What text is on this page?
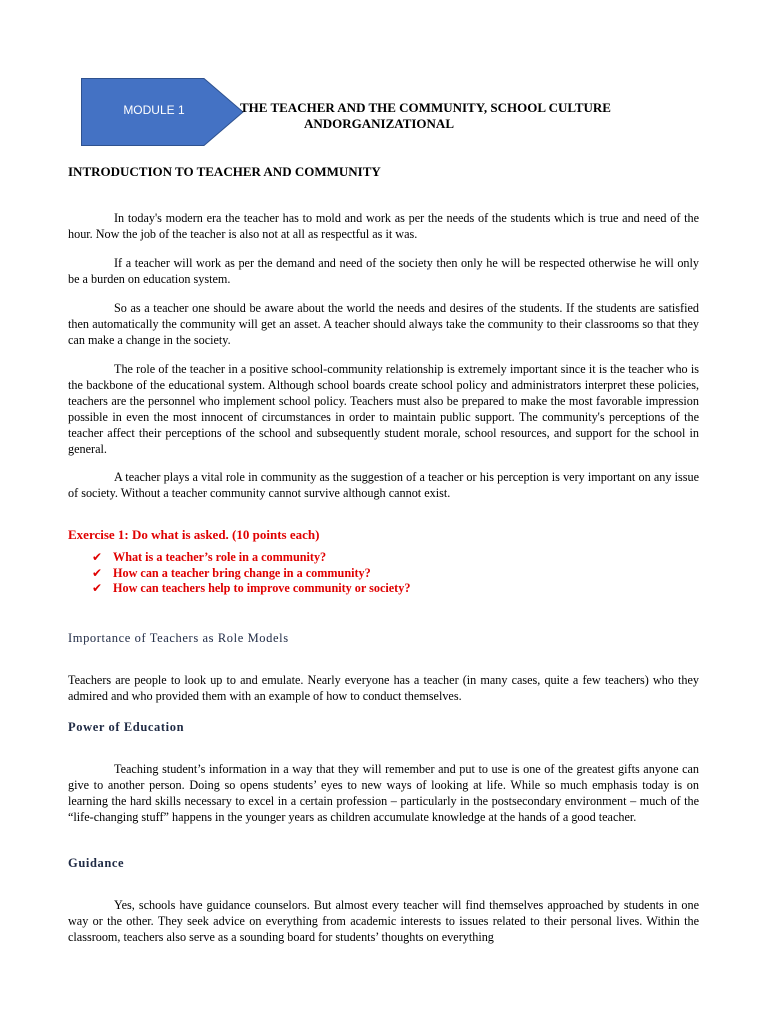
MODULE 1	THE TEACHER AND THE COMMUNITY, SCHOOL CULTURE
ANDORGANIZATIONAL
INTRODUCTION TO TEACHER AND COMMUNITY

In today's modern era the teacher has to mold and work as per the needs of the students which is true and need of the hour. Now the job of the teacher is also not at all as respectful as it was.

If a teacher will work as per the demand and need of the society then only he will be respected otherwise he will only be a burden on education system.

So as a teacher one should be aware about the world the needs and desires of the students. If the students are satisfied then automatically the community will get an asset. A teacher should always take the community to their classrooms so that they can make a change in the society.

The role of the teacher in a positive school-community relationship is extremely important since it is the teacher who is the backbone of the educational system. Although school boards create school policy and administrators interpret these policies, teachers are the personnel who implement school policy. Teachers must also be prepared to make the most favorable impression possible in even the most innocent of circumstances in order to maintain public support. The community's perceptions of the teacher affect their perceptions of the school and subsequently student morale, school resources, and support for the school in general.

A teacher plays a vital role in community as the suggestion of a teacher or his perception is very important on any issue of society. Without a teacher community cannot survive although cannot exist.

Exercise 1: Do what is asked. (10 points each)
✔ What is a teacher’s role in a community?
✔ How can a teacher bring change in a community?
✔ How can teachers help to improve community or society?
Importance of Teachers as Role Models

Teachers are people to look up to and emulate. Nearly everyone has a teacher (in many cases, quite a few teachers) who they admired and who provided them with an example of how to conduct themselves.

Power of Education

Teaching student’s information in a way that they will remember and put to use is one of the greatest gifts anyone can give to another person. Doing so opens students’ eyes to new ways of looking at life. While so much emphasis today is on learning the hard skills necessary to excel in a certain profession – particularly in the postsecondary environment – much of the “life-changing stuff” happens in the younger years as children accumulate knowledge at the hands of a good teacher.

Guidance

Yes, schools have guidance counselors. But almost every teacher will find themselves approached by students in one way or the other. They seek advice on everything from academic interests to issues related to their personal lives. Within the classroom, teachers also serve as a sounding board for students’ thoughts on everything
